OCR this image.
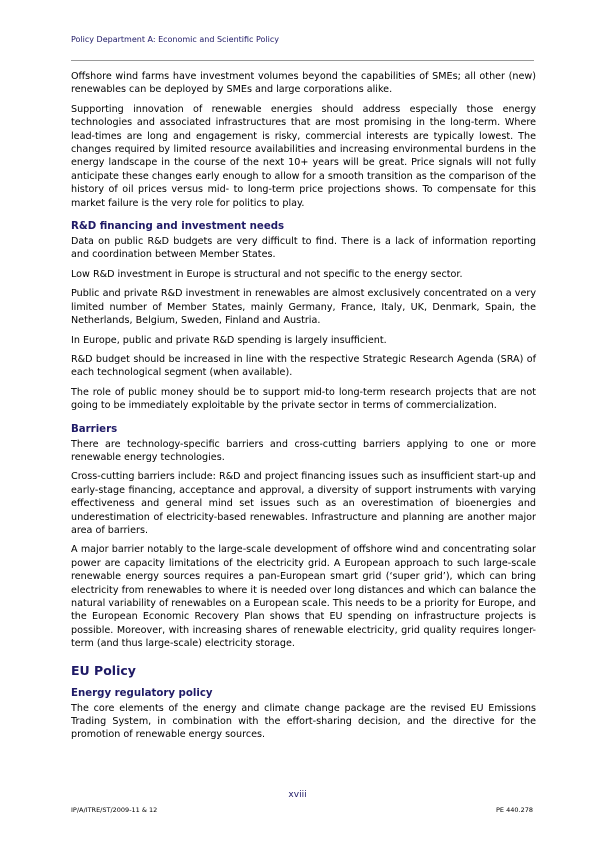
Policy Department A: Economic and Scientific Policy

Offshore wind farms have investment volumes beyond the capabilities of SMEs; all other (new) renewables can be deployed by SMEs and large corporations alike.

Supporting innovation of renewable energies should address especially those energy technologies and associated infrastructures that are most promising in the long-term. Where lead-times are long and engagement is risky, commercial interests are typically lowest. The changes required by limited resource availabilities and increasing environmental burdens in the energy landscape in the course of the next 10+ years will be great. Price signals will not fully anticipate these changes early enough to allow for a smooth transition as the comparison of the history of oil prices versus mid- to long-term price projections shows. To compensate for this market failure is the very role for politics to play.

R&D financing and investment needs

Data on public R&D budgets are very difficult to find. There is a lack of information reporting and coordination between Member States.

Low R&D investment in Europe is structural and not specific to the energy sector.

Public and private R&D investment in renewables are almost exclusively concentrated on a very limited number of Member States, mainly Germany, France, Italy, UK, Denmark, Spain, the Netherlands, Belgium, Sweden, Finland and Austria.

In Europe, public and private R&D spending is largely insufficient.

R&D budget should be increased in line with the respective Strategic Research Agenda (SRA) of each technological segment (when available).

The role of public money should be to support mid-to long-term research projects that are not going to be immediately exploitable by the private sector in terms of commercialization.

Barriers

There are technology-specific barriers and cross-cutting barriers applying to one or more renewable energy technologies.

Cross-cutting barriers include: R&D and project financing issues such as insufficient start-up and early-stage financing, acceptance and approval, a diversity of support instruments with varying effectiveness and general mind set issues such as an overestimation of bioenergies and underestimation of electricity-based renewables. Infrastructure and planning are another major area of barriers.

A major barrier notably to the large-scale development of offshore wind and concentrating solar power are capacity limitations of the electricity grid. A European approach to such large-scale renewable energy sources requires a pan-European smart grid (‘super grid’), which can bring electricity from renewables to where it is needed over long distances and which can balance the natural variability of renewables on a European scale. This needs to be a priority for Europe, and the European Economic Recovery Plan shows that EU spending on infrastructure projects is possible. Moreover, with increasing shares of renewable electricity, grid quality requires longer-term (and thus large-scale) electricity storage.

EU Policy
Energy regulatory policy

The core elements of the energy and climate change package are the revised EU Emissions Trading System, in combination with the effort-sharing decision, and the directive for the promotion of renewable energy sources.

xviii
IP/A/ITRE/ST/2009-11 & 12	PE 440.278
